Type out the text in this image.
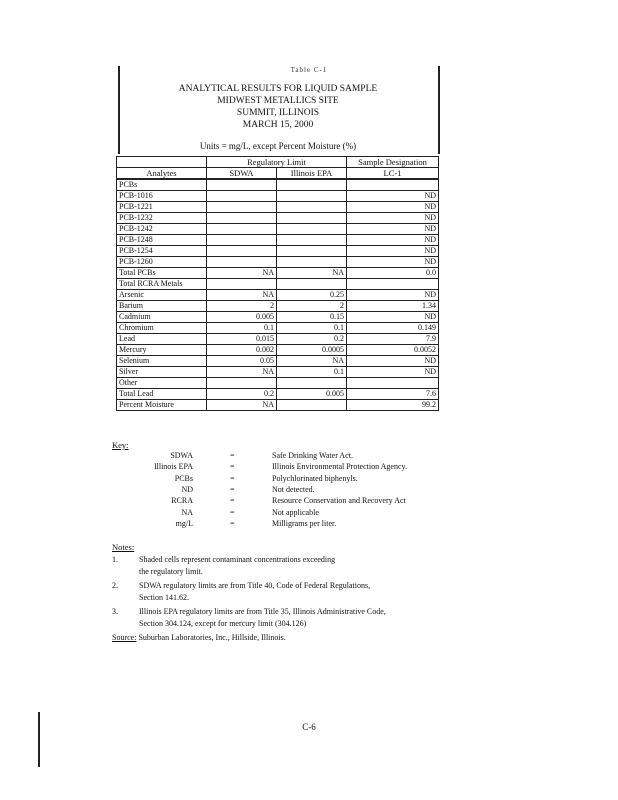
Table C-1
ANALYTICAL RESULTS FOR LIQUID SAMPLE
MIDWEST METALLICS SITE
SUMMIT, ILLINOIS
MARCH 15, 2000
Units = mg/L, except Percent Moisture (%)
	Regulatory Limit		Sample Designation
Analytes	SDWA	Illinois EPA	LC-1
PCBs			
PCB-1016			ND
PCB-1221			ND
PCB-1232			ND
PCB-1242			ND
PCB-1248			ND
PCB-1254			ND
PCB-1260			ND
Total PCBs	NA	NA	0.0
Total RCRA Metals			
Arsenic	NA	0.25	ND
Barium	2	2	1.34
Cadmium	0.005	0.15	ND
Chromium	0.1	0.1	0.149
Lead	0.015	0.2	7.9
Mercury	0.002	0.0005	0.0052
Selenium	0.05	NA	ND
Silver	NA	0.1	ND
Other			
Total Lead	0.2	0.005	7.6
Percent Moisture	NA		99.2
Key:
SDWA	=	Safe Drinking Water Act.
Illinois EPA	=	Illinois Environmental Protection Agency.
PCBs	=	Polychlorinated biphenyls.
ND	=	Not detected.
RCRA	=	Resource Conservation and Recovery Act
NA	=	Not applicable
mg/L	=	Milligrams per liter.
Notes:
1.	Shaded cells represent contaminant concentrations exceeding
the regulatory limit.
2.	SDWA regulatory limits are from Title 40, Code of Federal Regulations,
Section 141.62.
3.	Illinois EPA regulatory limits are from Title 35, Illinois Administrative Code,
Section 304.124, except for mercury limit (304.126)
Source: Suburban Laboratories, Inc., Hillside, Illinois.
C-6
